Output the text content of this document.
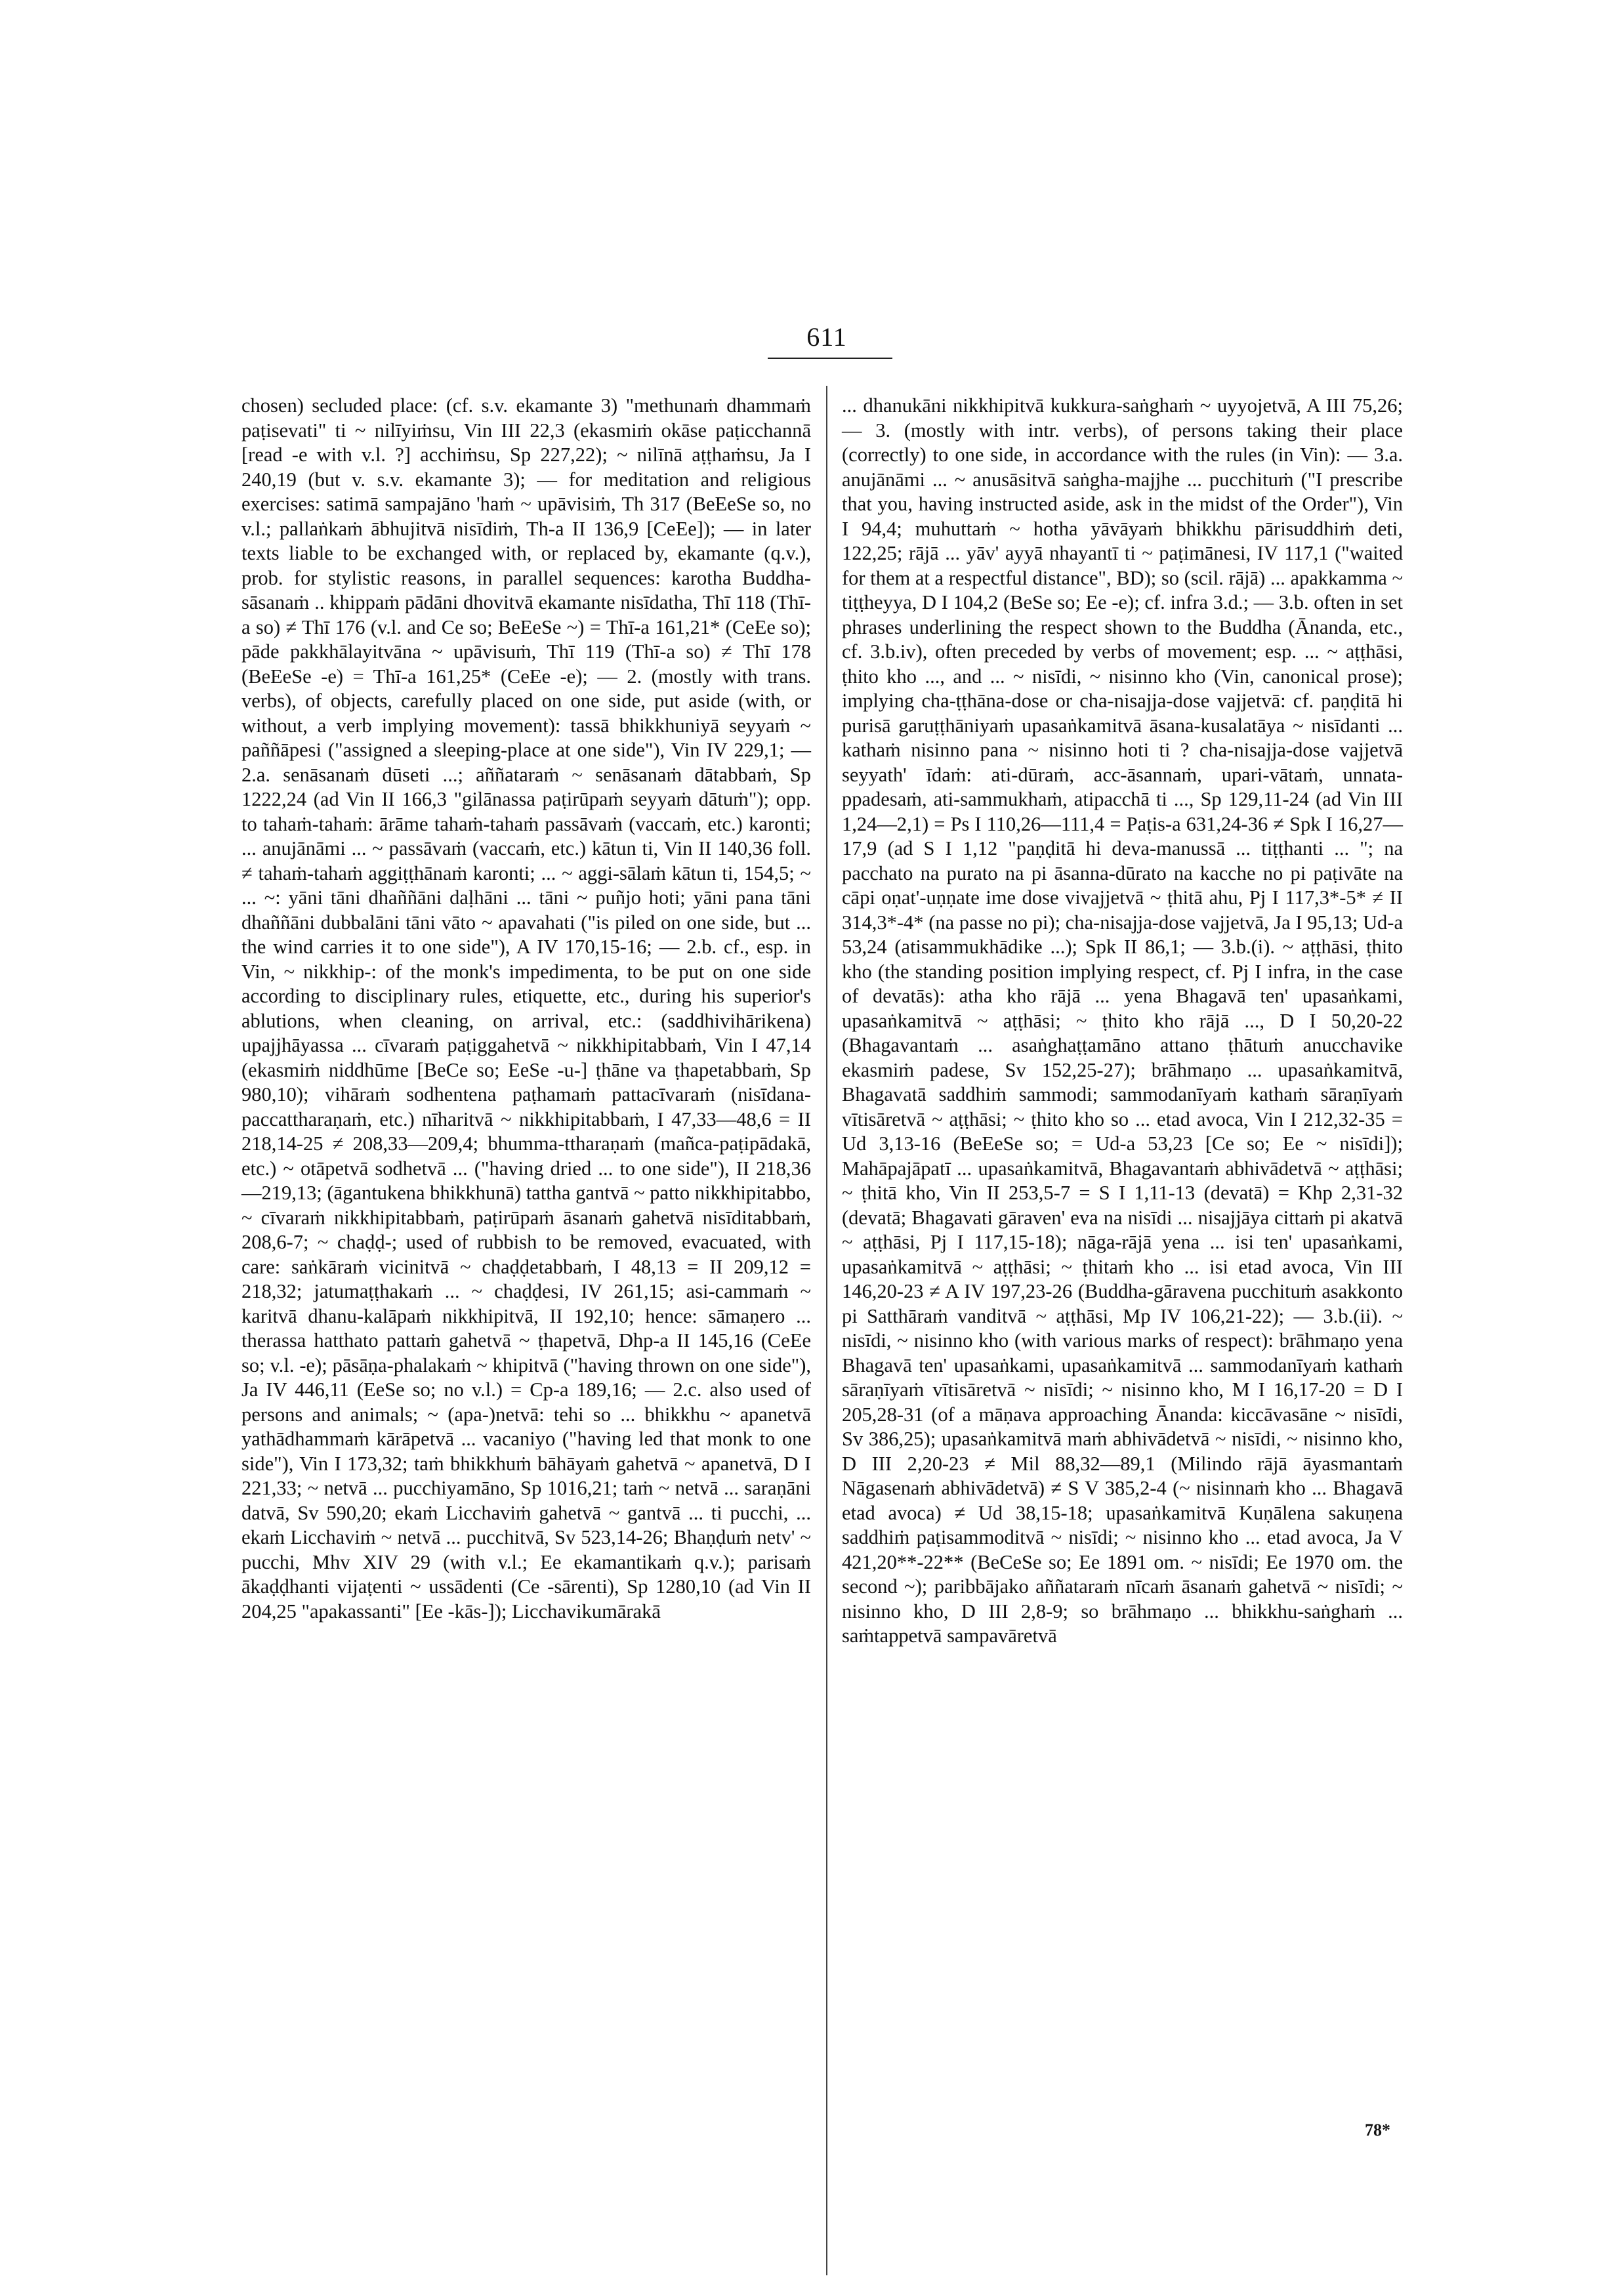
611

chosen) secluded place: (cf. s.v. ekamante 3) "methunaṁ dhammaṁ paṭisevati" ti ~ nilīyiṁsu, Vin III 22,3 (ekasmiṁ okāse paṭicchannā [read -e with v.l. ?] acchiṁsu, Sp 227,22); ~ nilīnā aṭṭhaṁsu, Ja I 240,19 (but v. s.v. ekamante 3); — for meditation and religious exercises: satimā sampajāno 'haṁ ~ upāvisiṁ, Th 317 (BeEeSe so, no v.l.; pallaṅkaṁ ābhujitvā nisīdiṁ, Th-a II 136,9 [CeEe]); — in later texts liable to be exchanged with, or replaced by, ekamante (q.v.), prob. for stylistic reasons, in parallel sequences: karotha Buddha-sāsanaṁ .. khippaṁ pādāni dhovitvā ekamante nisīdatha, Thī 118 (Thī-a so) ≠ Thī 176 (v.l. and Ce so; BeEeSe ~) = Thī-a 161,21* (CeEe so); pāde pakkhālayitvāna ~ upāvisuṁ, Thī 119 (Thī-a so) ≠ Thī 178 (BeEeSe -e) = Thī-a 161,25* (CeEe -e); — 2. (mostly with trans. verbs), of objects, carefully placed on one side, put aside (with, or without, a verb implying movement): tassā bhikkhuniyā seyyaṁ ~ paññāpesi ("assigned a sleeping-place at one side"), Vin IV 229,1; — 2.a. senāsanaṁ dūseti ...; aññataraṁ ~ senāsanaṁ dātabbaṁ, Sp 1222,24 (ad Vin II 166,3 "gilānassa paṭirūpaṁ seyyaṁ dātuṁ"); opp. to tahaṁ-tahaṁ: ārāme tahaṁ-tahaṁ passāvaṁ (vaccaṁ, etc.) karonti; ... anujānāmi ... ~ passāvaṁ (vaccaṁ, etc.) kātun ti, Vin II 140,36 foll. ≠ tahaṁ-tahaṁ aggiṭṭhānaṁ karonti; ... ~ aggi-sālaṁ kātun ti, 154,5; ~ ... ~: yāni tāni dhaññāni daḷhāni ... tāni ~ puñjo hoti; yāni pana tāni dhaññāni dubbalāni tāni vāto ~ apavahati ("is piled on one side, but ... the wind carries it to one side"), A IV 170,15-16; — 2.b. cf., esp. in Vin, ~ nikkhip-: of the monk's impedimenta, to be put on one side according to disciplinary rules, etiquette, etc., during his superior's ablutions, when cleaning, on arrival, etc.: (saddhivihārikena) upajjhāyassa ... cīvaraṁ paṭiggahetvā ~ nikkhipitabbaṁ, Vin I 47,14 (ekasmiṁ niddhūme [BeCe so; EeSe -u-] ṭhāne va ṭhapetabbaṁ, Sp 980,10); vihāraṁ sodhentena paṭhamaṁ pattacīvaraṁ (nisīdana-paccattharaṇaṁ, etc.) nīharitvā ~ nikkhipitabbaṁ, I 47,33—48,6 = II 218,14-25 ≠ 208,33—209,4; bhumma-ttharaṇaṁ (mañca-paṭipādakā, etc.) ~ otāpetvā sodhetvā ... ("having dried ... to one side"), II 218,36—219,13; (āgantukena bhikkhunā) tattha gantvā ~ patto nikkhipitabbo, ~ cīvaraṁ nikkhipitabbaṁ, paṭirūpaṁ āsanaṁ gahetvā nisīditabbaṁ, 208,6-7; ~ chaḍḍ-; used of rubbish to be removed, evacuated, with care: saṅkāraṁ vicinitvā ~ chaḍḍetabbaṁ, I 48,13 = II 209,12 = 218,32; jatumaṭṭhakaṁ ... ~ chaḍḍesi, IV 261,15; asi-cammaṁ ~ karitvā dhanu-kalāpaṁ nikkhipitvā, II 192,10; hence: sāmaṇero ... therassa hatthato pattaṁ gahetvā ~ ṭhapetvā, Dhp-a II 145,16 (CeEe so; v.l. -e); pāsāṇa-phalakaṁ ~ khipitvā ("having thrown on one side"), Ja IV 446,11 (EeSe so; no v.l.) = Cp-a 189,16; — 2.c. also used of persons and animals; ~ (apa-)netvā: tehi so ... bhikkhu ~ apanetvā yathādhammaṁ kārāpetvā ... vacaniyo ("having led that monk to one side"), Vin I 173,32; taṁ bhikkhuṁ bāhāyaṁ gahetvā ~ apanetvā, D I 221,33; ~ netvā ... pucchiyamāno, Sp 1016,21; taṁ ~ netvā ... saraṇāni datvā, Sv 590,20; ekaṁ Licchaviṁ gahetvā ~ gantvā ... ti pucchi, ... ekaṁ Licchaviṁ ~ netvā ... pucchitvā, Sv 523,14-26; Bhaṇḍuṁ netv' ~ pucchi, Mhv XIV 29 (with v.l.; Ee ekamantikaṁ q.v.); parisaṁ ākaḍḍhanti vijaṭenti ~ ussādenti (Ce -sārenti), Sp 1280,10 (ad Vin II 204,25 "apakassanti" [Ee -kās-]); Licchavikumārakā

... dhanukāni nikkhipitvā kukkura-saṅghaṁ ~ uyyojetvā, A III 75,26; — 3. (mostly with intr. verbs), of persons taking their place (correctly) to one side, in accordance with the rules (in Vin): — 3.a. anujānāmi ... ~ anusāsitvā saṅgha-majjhe ... pucchituṁ ("I prescribe that you, having instructed aside, ask in the midst of the Order"), Vin I 94,4; muhuttaṁ ~ hotha yāvāyaṁ bhikkhu pārisuddhiṁ deti, 122,25; rājā ... yāv' ayyā nhayantī ti ~ paṭimānesi, IV 117,1 ("waited for them at a respectful distance", BD); so (scil. rājā) ... apakkamma ~ tiṭṭheyya, D I 104,2 (BeSe so; Ee -e); cf. infra 3.d.; — 3.b. often in set phrases underlining the respect shown to the Buddha (Ānanda, etc., cf. 3.b.iv), often preceded by verbs of movement; esp. ... ~ aṭṭhāsi, ṭhito kho ..., and ... ~ nisīdi, ~ nisinno kho (Vin, canonical prose); implying cha-ṭṭhāna-dose or cha-nisajja-dose vajjetvā: cf. paṇḍitā hi purisā garuṭṭhāniyaṁ upasaṅkamitvā āsana-kusalatāya ~ nisīdanti ... kathaṁ nisinno pana ~ nisinno hoti ti ? cha-nisajja-dose vajjetvā seyyath' īdaṁ: ati-dūraṁ, acc-āsannaṁ, upari-vātaṁ, unnata-ppadesaṁ, ati-sammukhaṁ, atipacchā ti ..., Sp 129,11-24 (ad Vin III 1,24—2,1) = Ps I 110,26—111,4 = Paṭis-a 631,24-36 ≠ Spk I 16,27—17,9 (ad S I 1,12 "paṇḍitā hi deva-manussā ... tiṭṭhanti ... "; na pacchato na purato na pi āsanna-dūrato na kacche no pi paṭivāte na cāpi oṇat'-uṇṇate ime dose vivajjetvā ~ ṭhitā ahu, Pj I 117,3*-5* ≠ II 314,3*-4* (na passe no pi); cha-nisajja-dose vajjetvā, Ja I 95,13; Ud-a 53,24 (atisammukhādike ...); Spk II 86,1; — 3.b.(i). ~ aṭṭhāsi, ṭhito kho (the standing position implying respect, cf. Pj I infra, in the case of devatās): atha kho rājā ... yena Bhagavā ten' upasaṅkami, upasaṅkamitvā ~ aṭṭhāsi; ~ ṭhito kho rājā ..., D I 50,20-22 (Bhagavantaṁ ... asaṅghaṭṭamāno attano ṭhātuṁ anucchavike ekasmiṁ padese, Sv 152,25-27); brāhmaṇo ... upasaṅkamitvā, Bhagavatā saddhiṁ sammodi; sammodanīyaṁ kathaṁ sāraṇīyaṁ vītisāretvā ~ aṭṭhāsi; ~ ṭhito kho so ... etad avoca, Vin I 212,32-35 = Ud 3,13-16 (BeEeSe so; = Ud-a 53,23 [Ce so; Ee ~ nisīdi]); Mahāpajāpatī ... upasaṅkamitvā, Bhagavantaṁ abhivādetvā ~ aṭṭhāsi; ~ ṭhitā kho, Vin II 253,5-7 = S I 1,11-13 (devatā) = Khp 2,31-32 (devatā; Bhagavati gāraven' eva na nisīdi ... nisajjāya cittaṁ pi akatvā ~ aṭṭhāsi, Pj I 117,15-18); nāga-rājā yena ... isi ten' upasaṅkami, upasaṅkamitvā ~ aṭṭhāsi; ~ ṭhitaṁ kho ... isi etad avoca, Vin III 146,20-23 ≠ A IV 197,23-26 (Buddha-gāravena pucchituṁ asakkonto pi Satthāraṁ vanditvā ~ aṭṭhāsi, Mp IV 106,21-22); — 3.b.(ii). ~ nisīdi, ~ nisinno kho (with various marks of respect): brāhmaṇo yena Bhagavā ten' upasaṅkami, upasaṅkamitvā ... sammodanīyaṁ kathaṁ sāraṇīyaṁ vītisāretvā ~ nisīdi; ~ nisinno kho, M I 16,17-20 = D I 205,28-31 (of a māṇava approaching Ānanda: kiccāvasāne ~ nisīdi, Sv 386,25); upasaṅkamitvā maṁ abhivādetvā ~ nisīdi, ~ nisinno kho, D III 2,20-23 ≠ Mil 88,32—89,1 (Milindo rājā āyasmantaṁ Nāgasenaṁ abhivādetvā) ≠ S V 385,2-4 (~ nisinnaṁ kho ... Bhagavā etad avoca) ≠ Ud 38,15-18; upasaṅkamitvā Kuṇālena sakuṇena saddhiṁ paṭisammoditvā ~ nisīdi; ~ nisinno kho ... etad avoca, Ja V 421,20**-22** (BeCeSe so; Ee 1891 om. ~ nisīdi; Ee 1970 om. the second ~); paribbājako aññataraṁ nīcaṁ āsanaṁ gahetvā ~ nisīdi; ~ nisinno kho, D III 2,8-9; so brāhmaṇo ... bhikkhu-saṅghaṁ ... saṁtappetvā sampavāretvā

78*
